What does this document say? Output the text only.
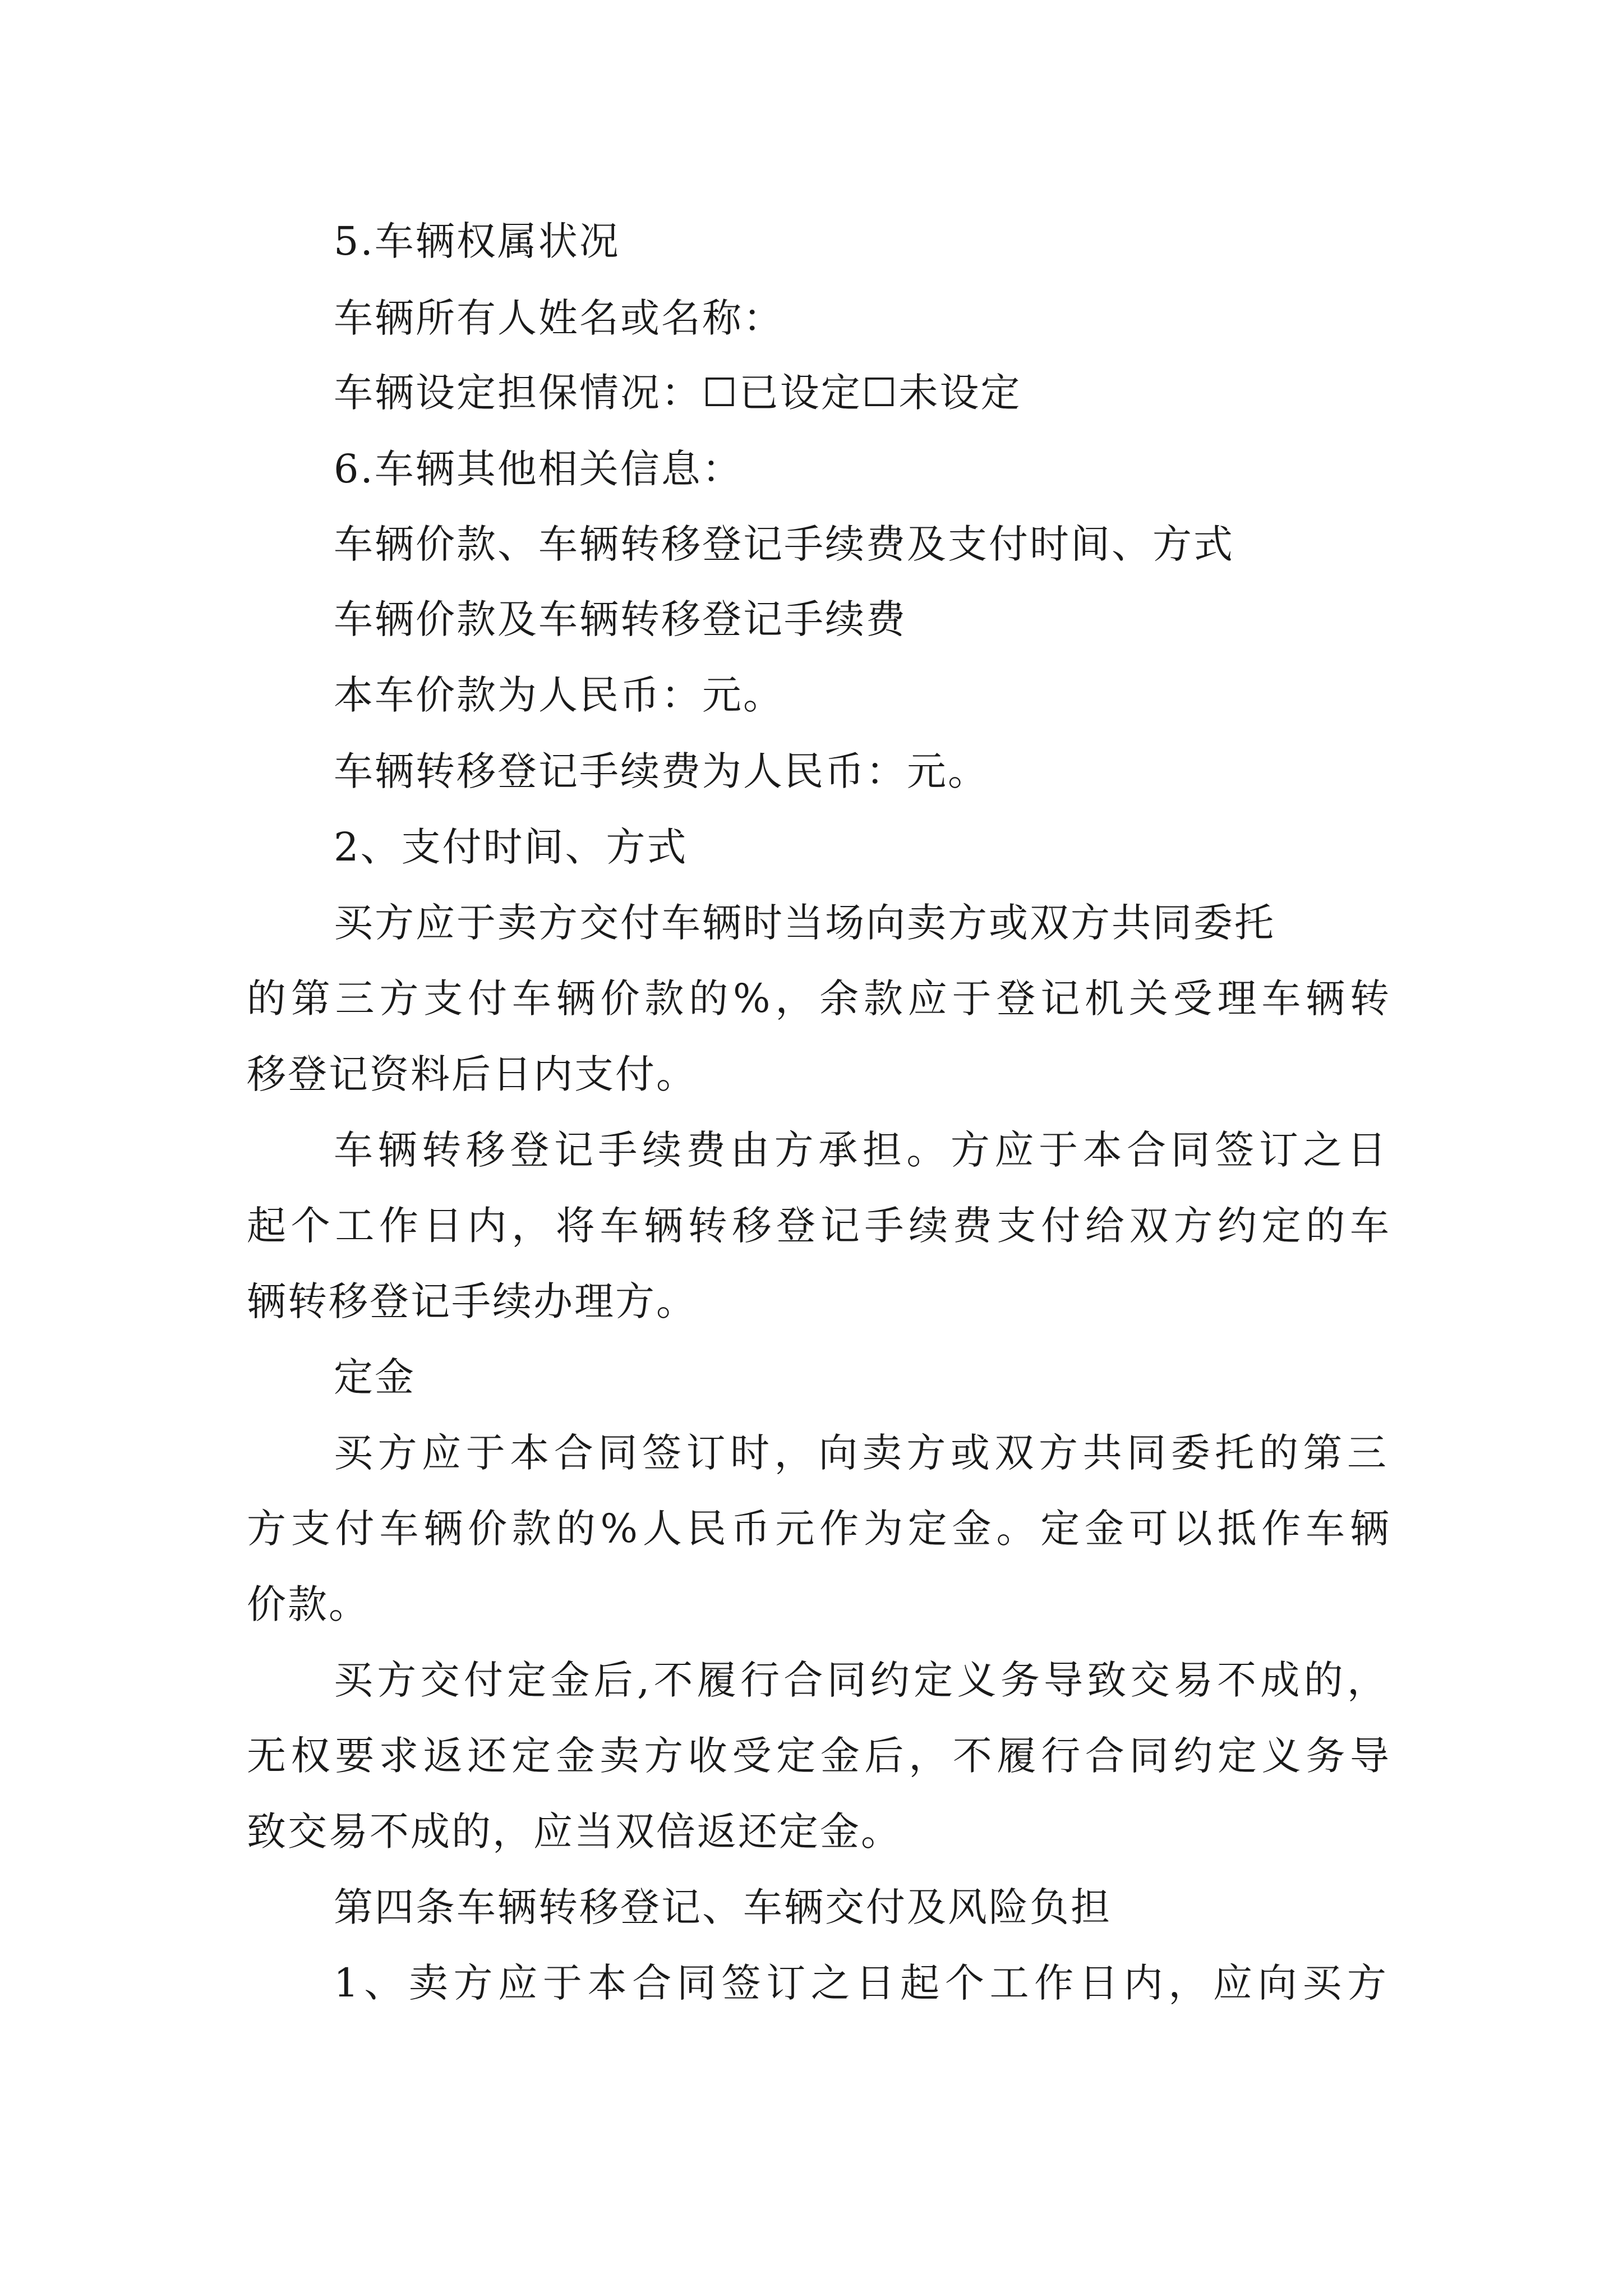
5.车辆权属状况
车辆所有人姓名或名称：
车辆设定担保情况：☐已设定☐未设定
6.车辆其他相关信息：
车辆价款、车辆转移登记手续费及支付时间、方式
车辆价款及车辆转移登记手续费
本车价款为人民币：元。
车辆转移登记手续费为人民币：元。
2、支付时间、方式
买方应于卖方交付车辆时当场向卖方或双方共同委托
的第三方支付车辆价款的%，余款应于登记机关受理车辆转
移登记资料后日内支付。
车辆转移登记手续费由方承担。方应于本合同签订之日
起个工作日内，将车辆转移登记手续费支付给双方约定的车
辆转移登记手续办理方。
定金
买方应于本合同签订时，向卖方或双方共同委托的第三
方支付车辆价款的%人民币元作为定金。定金可以抵作车辆
价款。
买方交付定金后,不履行合同约定义务导致交易不成的，
无权要求返还定金卖方收受定金后，不履行合同约定义务导
致交易不成的，应当双倍返还定金。
第四条车辆转移登记、车辆交付及风险负担
1、卖方应于本合同签订之日起个工作日内，应向买方
